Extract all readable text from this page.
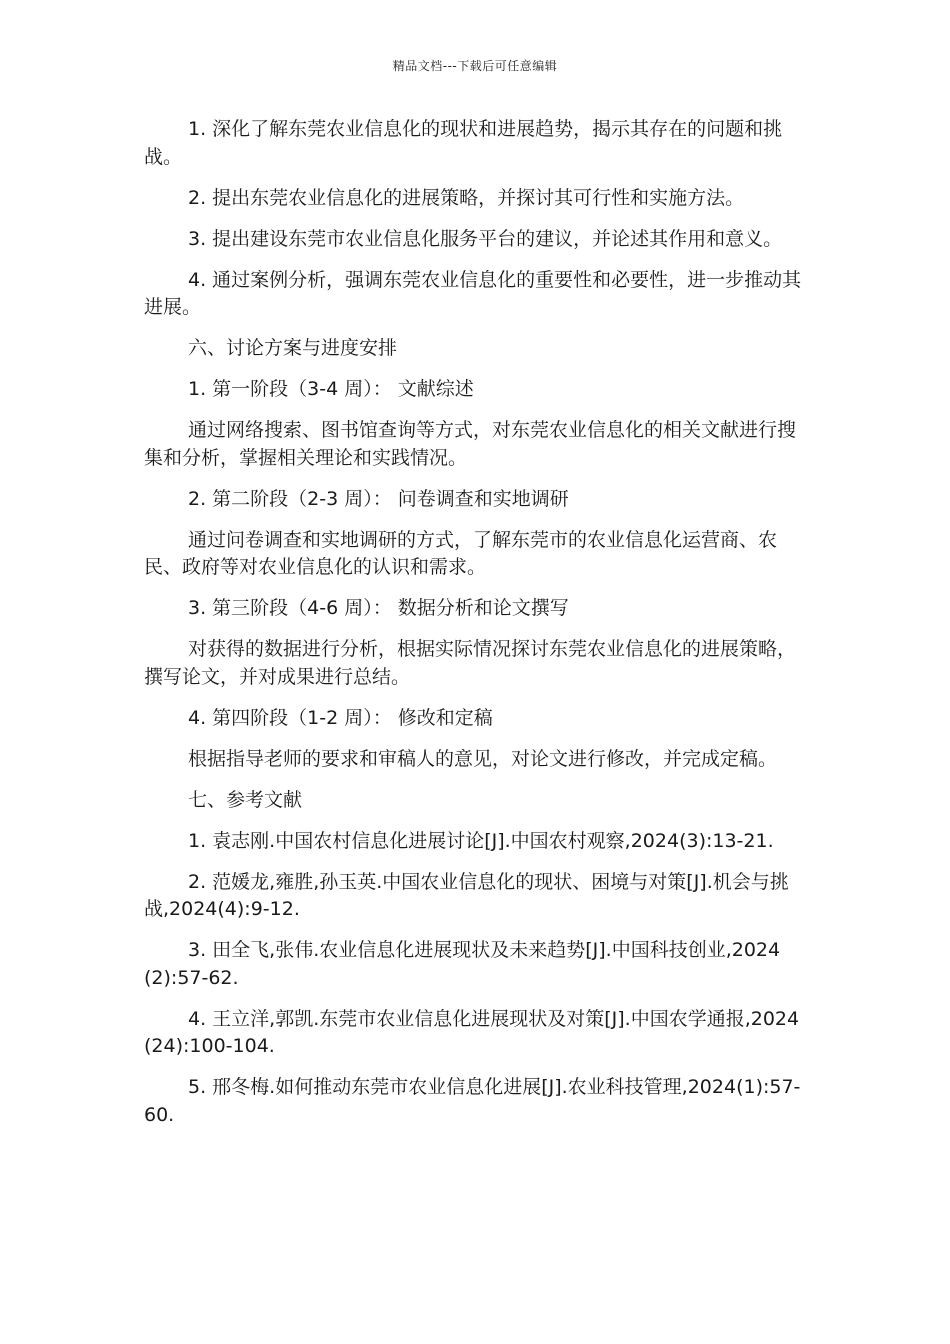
精品文档---下载后可任意编辑

1. 深化了解东莞农业信息化的现状和进展趋势，揭示其存在的问题和挑战。

2. 提出东莞农业信息化的进展策略，并探讨其可行性和实施方法。

3. 提出建设东莞市农业信息化服务平台的建议，并论述其作用和意义。

4. 通过案例分析，强调东莞农业信息化的重要性和必要性，进一步推动其进展。

六、讨论方案与进度安排

1. 第一阶段（3-4 周）： 文献综述

通过网络搜索、图书馆查询等方式，对东莞农业信息化的相关文献进行搜集和分析，掌握相关理论和实践情况。

2. 第二阶段（2-3 周）： 问卷调查和实地调研

通过问卷调查和实地调研的方式，了解东莞市的农业信息化运营商、农民、政府等对农业信息化的认识和需求。

3. 第三阶段（4-6 周）： 数据分析和论文撰写

对获得的数据进行分析，根据实际情况探讨东莞农业信息化的进展策略，撰写论文，并对成果进行总结。

4. 第四阶段（1-2 周）： 修改和定稿

根据指导老师的要求和审稿人的意见，对论文进行修改，并完成定稿。

七、参考文献

1. 袁志刚.中国农村信息化进展讨论[J].中国农村观察,2024(3):13-21.

2. 范媛龙,雍胜,孙玉英.中国农业信息化的现状、困境与对策[J].机会与挑战,2024(4):9-12.

3. 田全飞,张伟.农业信息化进展现状及未来趋势[J].中国科技创业,2024(2):57-62.

4. 王立洋,郭凯.东莞市农业信息化进展现状及对策[J].中国农学通报,2024(24):100-104.

5. 邢冬梅.如何推动东莞市农业信息化进展[J].农业科技管理,2024(1):57-60.
